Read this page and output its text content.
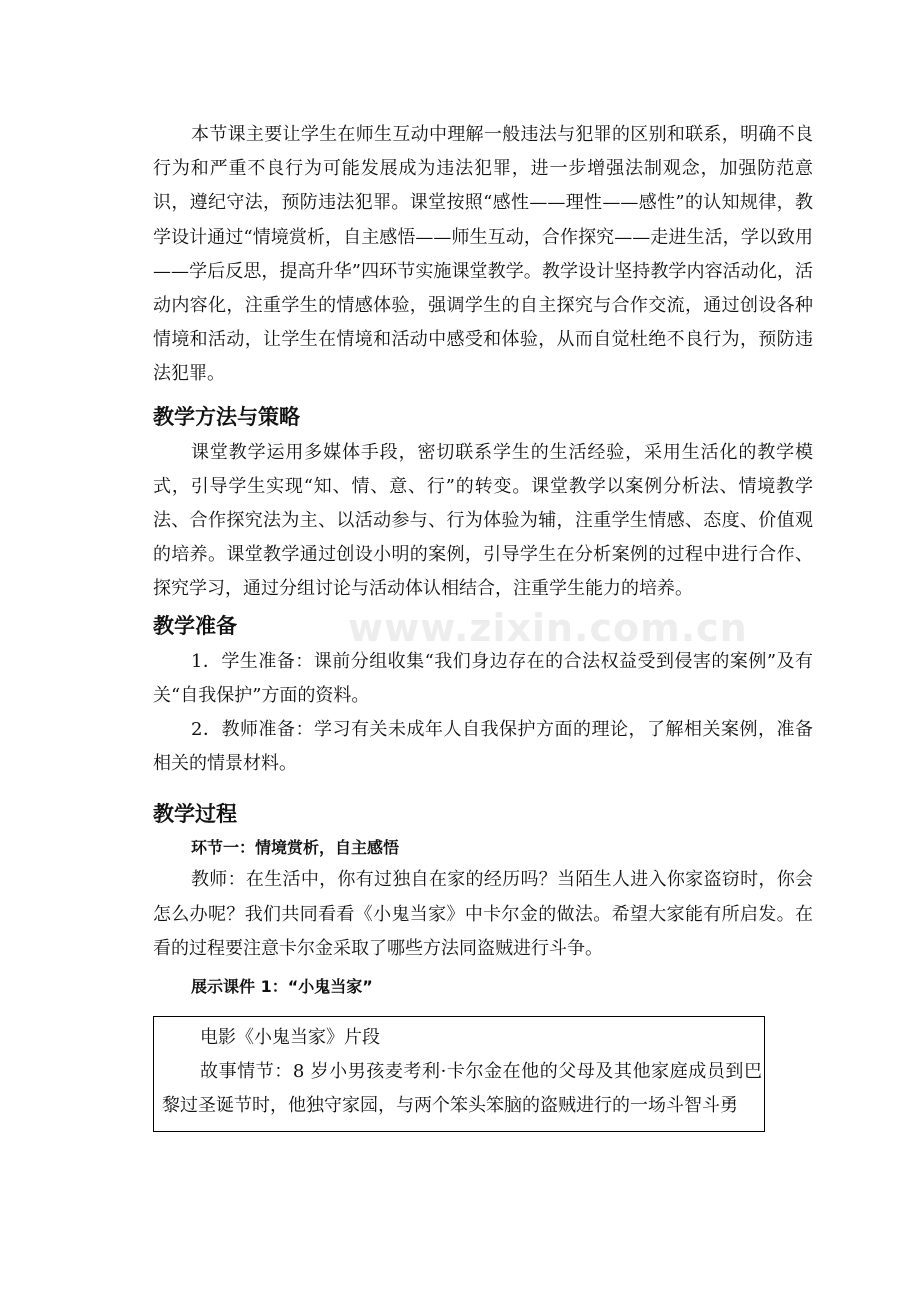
本节课主要让学生在师生互动中理解一般违法与犯罪的区别和联系，明确不良行为和严重不良行为可能发展成为违法犯罪，进一步增强法制观念，加强防范意识，遵纪守法，预防违法犯罪。课堂按照“感性——理性——感性”的认知规律，教学设计通过“情境赏析，自主感悟——师生互动，合作探究——走进生活，学以致用——学后反思，提高升华”四环节实施课堂教学。教学设计坚持教学内容活动化，活动内容化，注重学生的情感体验，强调学生的自主探究与合作交流，通过创设各种情境和活动，让学生在情境和活动中感受和体验，从而自觉杜绝不良行为，预防违法犯罪。

教学方法与策略

课堂教学运用多媒体手段，密切联系学生的生活经验，采用生活化的教学模式，引导学生实现“知、情、意、行”的转变。课堂教学以案例分析法、情境教学法、合作探究法为主、以活动参与、行为体验为辅，注重学生情感、态度、价值观的培养。课堂教学通过创设小明的案例，引导学生在分析案例的过程中进行合作、探究学习，通过分组讨论与活动体认相结合，注重学生能力的培养。

教学准备

1．学生准备：课前分组收集“我们身边存在的合法权益受到侵害的案例”及有关“自我保护”方面的资料。

2．教师准备：学习有关未成年人自我保护方面的理论，了解相关案例，准备相关的情景材料。

教学过程
环节一：情境赏析，自主感悟

教师：在生活中，你有过独自在家的经历吗？当陌生人进入你家盗窃时，你会怎么办呢？我们共同看看《小鬼当家》中卡尔金的做法。希望大家能有所启发。在看的过程要注意卡尔金采取了哪些方法同盗贼进行斗争。

展示课件 1：“小鬼当家”

电影《小鬼当家》片段

故事情节：8 岁小男孩麦考利·卡尔金在他的父母及其他家庭成员到巴黎过圣诞节时，他独守家园，与两个笨头笨脑的盗贼进行的一场斗智斗勇

www.zixin.com.cn
